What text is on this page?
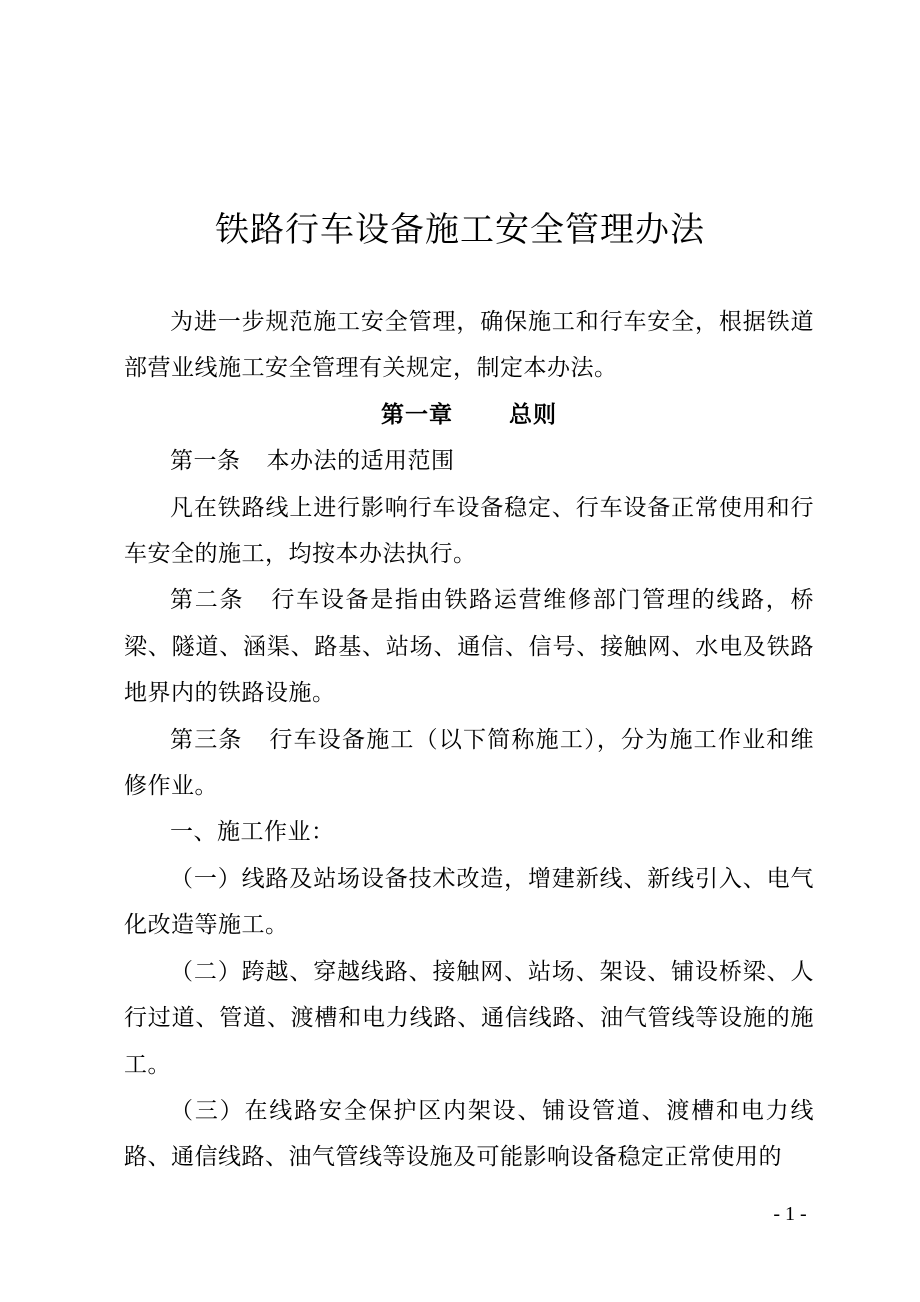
铁路行车设备施工安全管理办法

为进一步规范施工安全管理，确保施工和行车安全，根据铁道部营业线施工安全管理有关规定，制定本办法。

第一章 总则

第一条 本办法的适用范围

凡在铁路线上进行影响行车设备稳定、行车设备正常使用和行车安全的施工，均按本办法执行。

第二条 行车设备是指由铁路运营维修部门管理的线路，桥梁、隧道、涵渠、路基、站场、通信、信号、接触网、水电及铁路地界内的铁路设施。

第三条 行车设备施工（以下简称施工），分为施工作业和维修作业。

一、施工作业：

（一）线路及站场设备技术改造，增建新线、新线引入、电气化改造等施工。

（二）跨越、穿越线路、接触网、站场、架设、铺设桥梁、人行过道、管道、渡槽和电力线路、通信线路、油气管线等设施的施工。

（三）在线路安全保护区内架设、铺设管道、渡槽和电力线路、通信线路、油气管线等设施及可能影响设备稳定正常使用的

- 1 -
